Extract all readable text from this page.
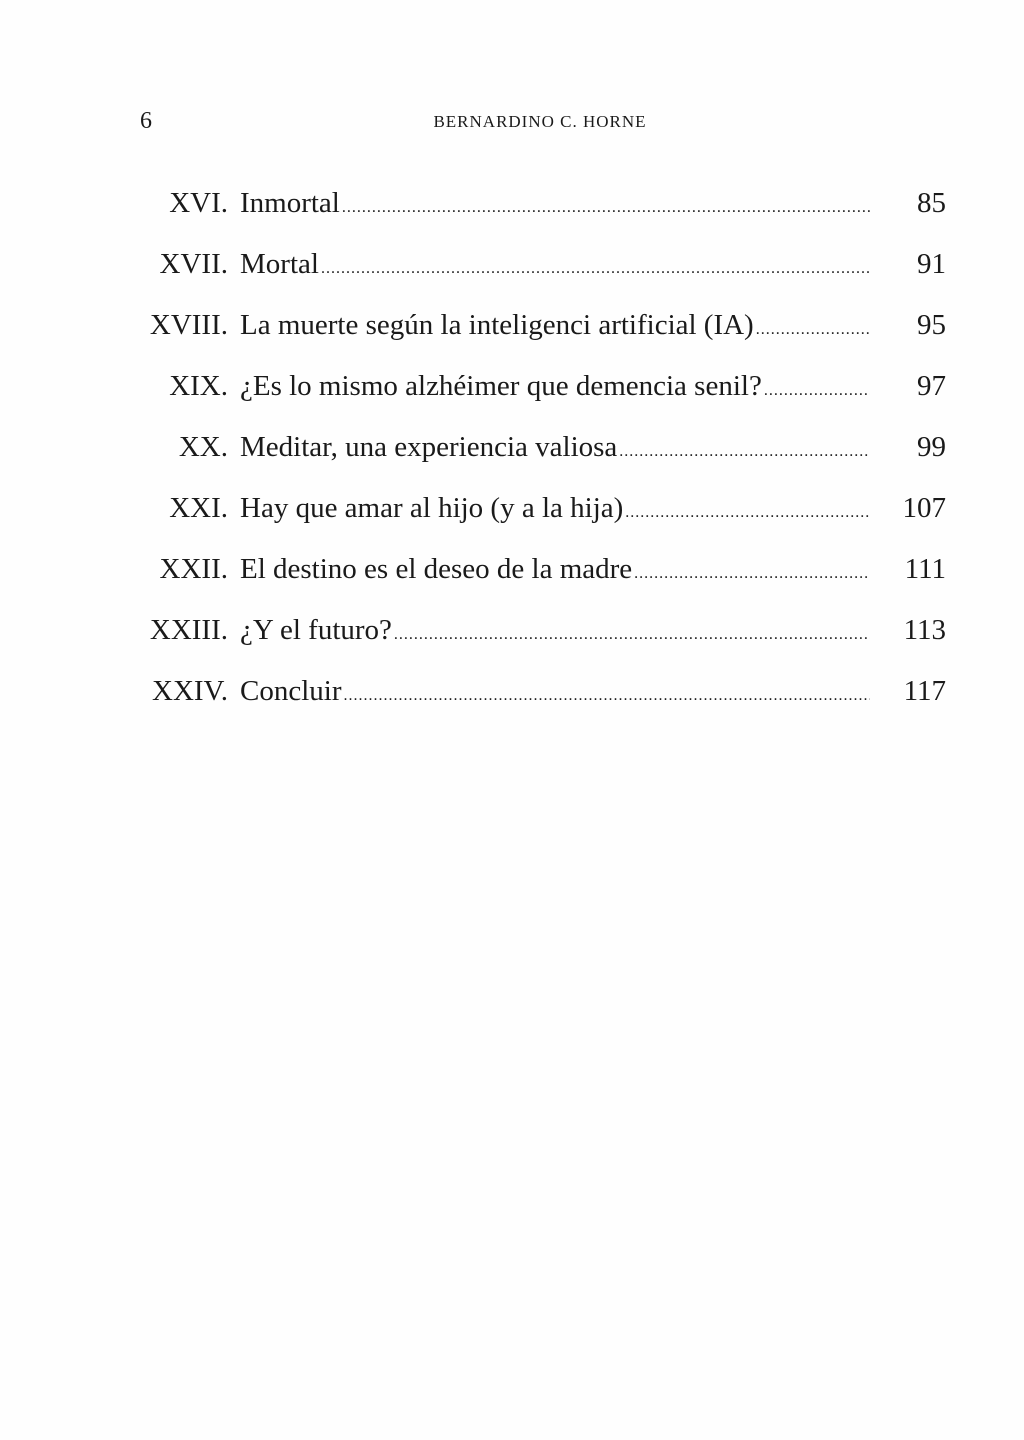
6	BERNARDINO C. HORNE
XVI. Inmortal .....	85
XVII. Mortal .....	91
XVIII. La muerte según la inteligenci artificial (IA) .....	95
XIX. ¿Es lo mismo alzhéimer que demencia senil? .....	97
XX. Meditar, una experiencia valiosa .....	99
XXI. Hay que amar al hijo (y a la hija) .....	107
XXII. El destino es el deseo de la madre .....	111
XXIII. ¿Y el futuro? .....	113
XXIV. Concluir .....	117
